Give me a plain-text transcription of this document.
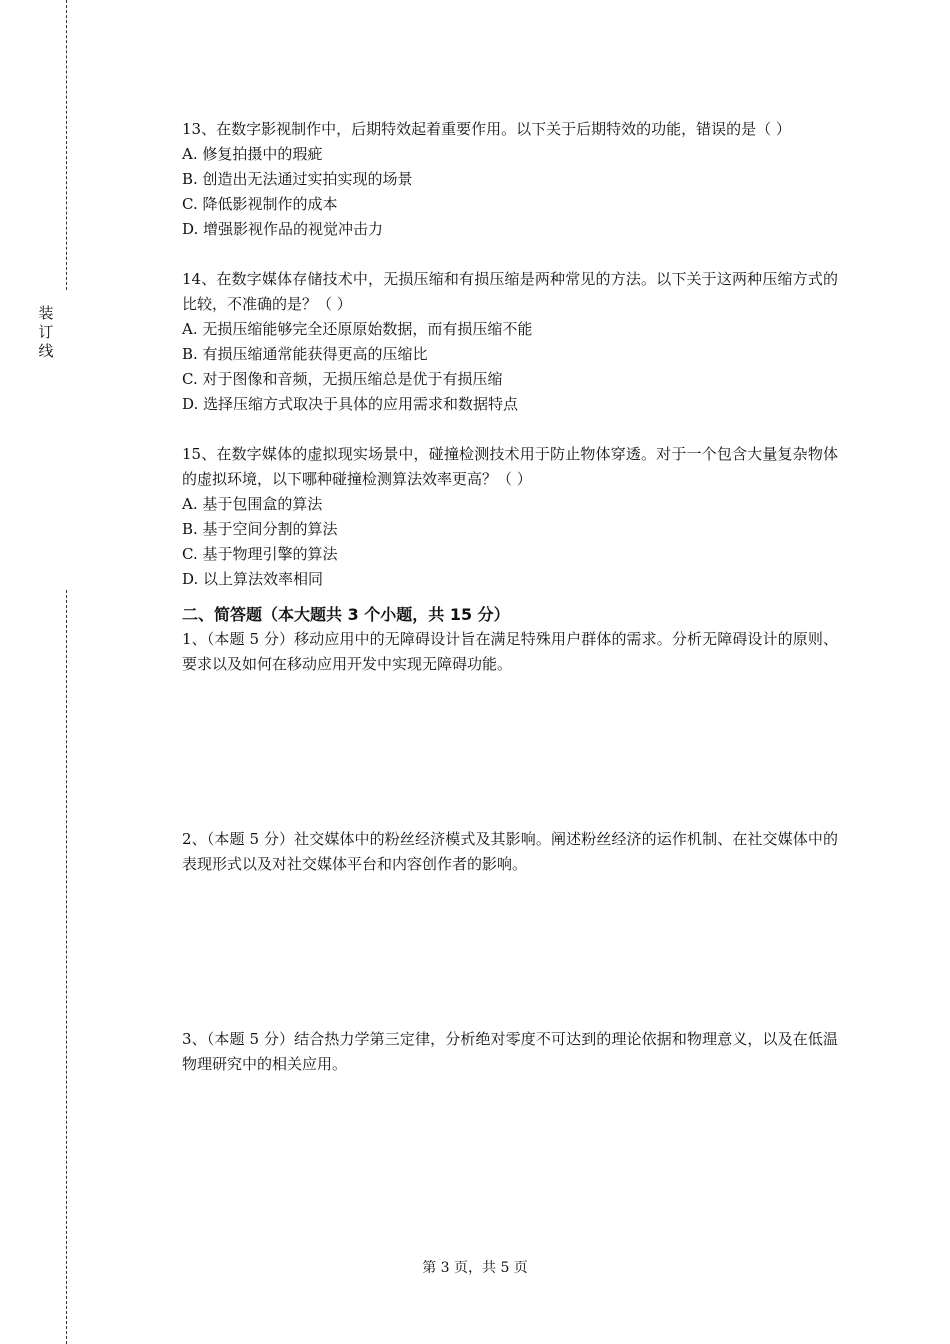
装
订
线

13、在数字影视制作中，后期特效起着重要作用。以下关于后期特效的功能，错误的是（ ）

A. 修复拍摄中的瑕疵

B. 创造出无法通过实拍实现的场景

C. 降低影视制作的成本

D. 增强影视作品的视觉冲击力

14、在数字媒体存储技术中，无损压缩和有损压缩是两种常见的方法。以下关于这两种压缩方式的比较，不准确的是？（ ）

A. 无损压缩能够完全还原原始数据，而有损压缩不能

B. 有损压缩通常能获得更高的压缩比

C. 对于图像和音频，无损压缩总是优于有损压缩

D. 选择压缩方式取决于具体的应用需求和数据特点

15、在数字媒体的虚拟现实场景中，碰撞检测技术用于防止物体穿透。对于一个包含大量复杂物体的虚拟环境，以下哪种碰撞检测算法效率更高？（ ）

A. 基于包围盒的算法

B. 基于空间分割的算法

C. 基于物理引擎的算法

D. 以上算法效率相同

二、简答题（本大题共 3 个小题，共 15 分）

1、（本题 5 分）移动应用中的无障碍设计旨在满足特殊用户群体的需求。分析无障碍设计的原则、要求以及如何在移动应用开发中实现无障碍功能。

2、（本题 5 分）社交媒体中的粉丝经济模式及其影响。阐述粉丝经济的运作机制、在社交媒体中的表现形式以及对社交媒体平台和内容创作者的影响。

3、（本题 5 分）结合热力学第三定律，分析绝对零度不可达到的理论依据和物理意义，以及在低温物理研究中的相关应用。

第 3 页，共 5 页
